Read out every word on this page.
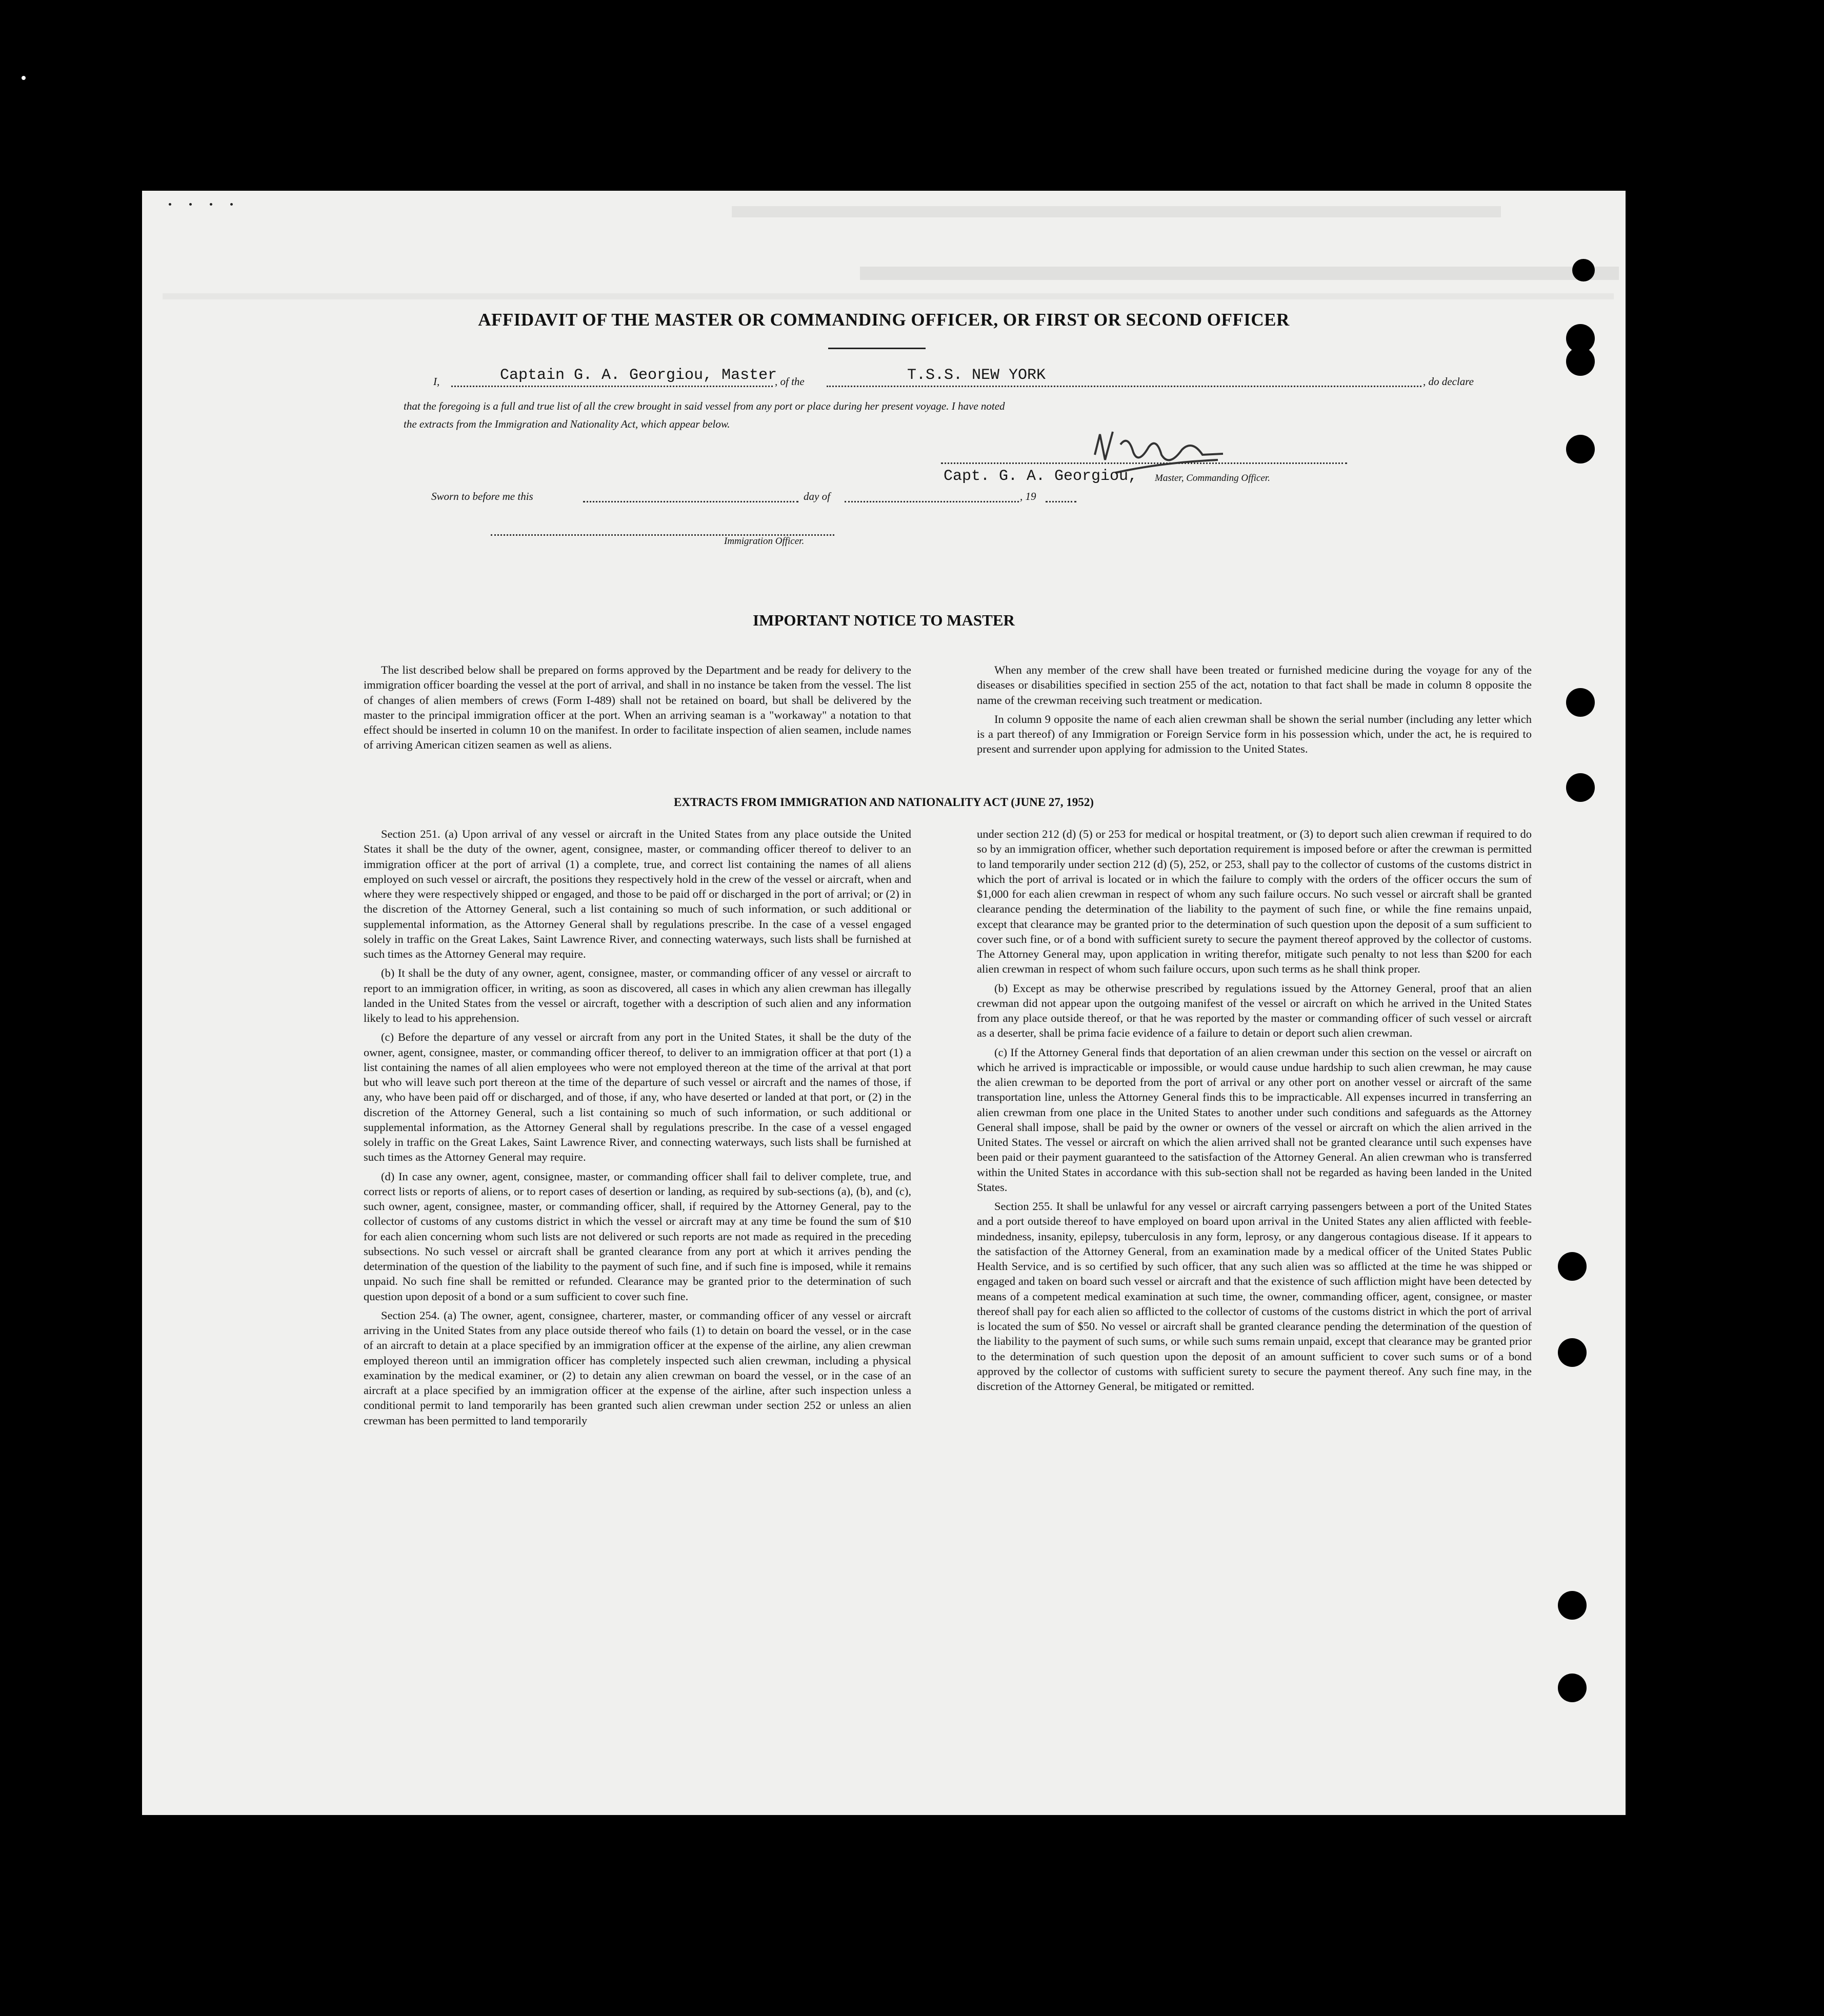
AFFIDAVIT OF THE MASTER OR COMMANDING OFFICER, OR FIRST OR SECOND OFFICER
I,	Captain G. A. Georgiou, Master
, of the	T.S.S. NEW YORK	, do declare
that the foregoing is a full and true list of all the crew brought in said vessel from any port or place during her present voyage. I have noted
the extracts from the Immigration and Nationality Act, which appear below.
Capt. G. A. Georgiou, Master, Commanding Officer.
Sworn to before me this	day of	, 19
Immigration Officer.
IMPORTANT NOTICE TO MASTER

The list described below shall be prepared on forms approved by the Department and be ready for delivery to the immigration officer boarding the vessel at the port of arrival, and shall in no instance be taken from the vessel. The list of changes of alien members of crews (Form I-489) shall not be retained on board, but shall be delivered by the master to the principal immigration officer at the port. When an arriving seaman is a "workaway" a notation to that effect should be inserted in column 10 on the manifest. In order to facilitate inspection of alien seamen, include names of arriving American citizen seamen as well as aliens.

When any member of the crew shall have been treated or furnished medicine during the voyage for any of the diseases or disabilities specified in section 255 of the act, notation to that fact shall be made in column 8 opposite the name of the crewman receiving such treatment or medication.

In column 9 opposite the name of each alien crewman shall be shown the serial number (including any letter which is a part thereof) of any Immigration or Foreign Service form in his possession which, under the act, he is required to present and surrender upon applying for admission to the United States.

EXTRACTS FROM IMMIGRATION AND NATIONALITY ACT (JUNE 27, 1952)

Section 251. (a) Upon arrival of any vessel or aircraft in the United States from any place outside the United States it shall be the duty of the owner, agent, consignee, master, or commanding officer thereof to deliver to an immigration officer at the port of arrival (1) a complete, true, and correct list containing the names of all aliens employed on such vessel or aircraft, the positions they respectively hold in the crew of the vessel or aircraft, when and where they were respectively shipped or engaged, and those to be paid off or discharged in the port of arrival; or (2) in the discretion of the Attorney General, such a list containing so much of such information, or such additional or supplemental information, as the Attorney General shall by regulations prescribe. In the case of a vessel engaged solely in traffic on the Great Lakes, Saint Lawrence River, and connecting waterways, such lists shall be furnished at such times as the Attorney General may require.

(b) It shall be the duty of any owner, agent, consignee, master, or commanding officer of any vessel or aircraft to report to an immigration officer, in writing, as soon as discovered, all cases in which any alien crewman has illegally landed in the United States from the vessel or aircraft, together with a description of such alien and any information likely to lead to his apprehension.

(c) Before the departure of any vessel or aircraft from any port in the United States, it shall be the duty of the owner, agent, consignee, master, or commanding officer thereof, to deliver to an immigration officer at that port (1) a list containing the names of all alien employees who were not employed thereon at the time of the arrival at that port but who will leave such port thereon at the time of the departure of such vessel or aircraft and the names of those, if any, who have been paid off or discharged, and of those, if any, who have deserted or landed at that port, or (2) in the discretion of the Attorney General, such a list containing so much of such information, or such additional or supplemental information, as the Attorney General shall by regulations prescribe. In the case of a vessel engaged solely in traffic on the Great Lakes, Saint Lawrence River, and connecting waterways, such lists shall be furnished at such times as the Attorney General may require.

(d) In case any owner, agent, consignee, master, or commanding officer shall fail to deliver complete, true, and correct lists or reports of aliens, or to report cases of desertion or landing, as required by sub-sections (a), (b), and (c), such owner, agent, consignee, master, or commanding officer, shall, if required by the Attorney General, pay to the collector of customs of any customs district in which the vessel or aircraft may at any time be found the sum of $10 for each alien concerning whom such lists are not delivered or such reports are not made as required in the preceding subsections. No such vessel or aircraft shall be granted clearance from any port at which it arrives pending the determination of the question of the liability to the payment of such fine, and if such fine is imposed, while it remains unpaid. No such fine shall be remitted or refunded. Clearance may be granted prior to the determination of such question upon deposit of a bond or a sum sufficient to cover such fine.

Section 254. (a) The owner, agent, consignee, charterer, master, or commanding officer of any vessel or aircraft arriving in the United States from any place outside thereof who fails (1) to detain on board the vessel, or in the case of an aircraft to detain at a place specified by an immigration officer at the expense of the airline, any alien crewman employed thereon until an immigration officer has completely inspected such alien crewman, including a physical examination by the medical examiner, or (2) to detain any alien crewman on board the vessel, or in the case of an aircraft at a place specified by an immigration officer at the expense of the airline, after such inspection unless a conditional permit to land temporarily has been granted such alien crewman under section 252 or unless an alien crewman has been permitted to land temporarily

under section 212 (d) (5) or 253 for medical or hospital treatment, or (3) to deport such alien crewman if required to do so by an immigration officer, whether such deportation requirement is imposed before or after the crewman is permitted to land temporarily under section 212 (d) (5), 252, or 253, shall pay to the collector of customs of the customs district in which the port of arrival is located or in which the failure to comply with the orders of the officer occurs the sum of $1,000 for each alien crewman in respect of whom any such failure occurs. No such vessel or aircraft shall be granted clearance pending the determination of the liability to the payment of such fine, or while the fine remains unpaid, except that clearance may be granted prior to the determination of such question upon the deposit of a sum sufficient to cover such fine, or of a bond with sufficient surety to secure the payment thereof approved by the collector of customs. The Attorney General may, upon application in writing therefor, mitigate such penalty to not less than $200 for each alien crewman in respect of whom such failure occurs, upon such terms as he shall think proper.

(b) Except as may be otherwise prescribed by regulations issued by the Attorney General, proof that an alien crewman did not appear upon the outgoing manifest of the vessel or aircraft on which he arrived in the United States from any place outside thereof, or that he was reported by the master or commanding officer of such vessel or aircraft as a deserter, shall be prima facie evidence of a failure to detain or deport such alien crewman.

(c) If the Attorney General finds that deportation of an alien crewman under this section on the vessel or aircraft on which he arrived is impracticable or impossible, or would cause undue hardship to such alien crewman, he may cause the alien crewman to be deported from the port of arrival or any other port on another vessel or aircraft of the same transportation line, unless the Attorney General finds this to be impracticable. All expenses incurred in transferring an alien crewman from one place in the United States to another under such conditions and safeguards as the Attorney General shall impose, shall be paid by the owner or owners of the vessel or aircraft on which the alien arrived in the United States. The vessel or aircraft on which the alien arrived shall not be granted clearance until such expenses have been paid or their payment guaranteed to the satisfaction of the Attorney General. An alien crewman who is transferred within the United States in accordance with this sub-section shall not be regarded as having been landed in the United States.

Section 255. It shall be unlawful for any vessel or aircraft carrying passengers between a port of the United States and a port outside thereof to have employed on board upon arrival in the United States any alien afflicted with feeble-mindedness, insanity, epilepsy, tuberculosis in any form, leprosy, or any dangerous contagious disease. If it appears to the satisfaction of the Attorney General, from an examination made by a medical officer of the United States Public Health Service, and is so certified by such officer, that any such alien was so afflicted at the time he was shipped or engaged and taken on board such vessel or aircraft and that the existence of such affliction might have been detected by means of a competent medical examination at such time, the owner, commanding officer, agent, consignee, or master thereof shall pay for each alien so afflicted to the collector of customs of the customs district in which the port of arrival is located the sum of $50. No vessel or aircraft shall be granted clearance pending the determination of the question of the liability to the payment of such sums, or while such sums remain unpaid, except that clearance may be granted prior to the determination of such question upon the deposit of an amount sufficient to cover such sums or of a bond approved by the collector of customs with sufficient surety to secure the payment thereof. Any such fine may, in the discretion of the Attorney General, be mitigated or remitted.
